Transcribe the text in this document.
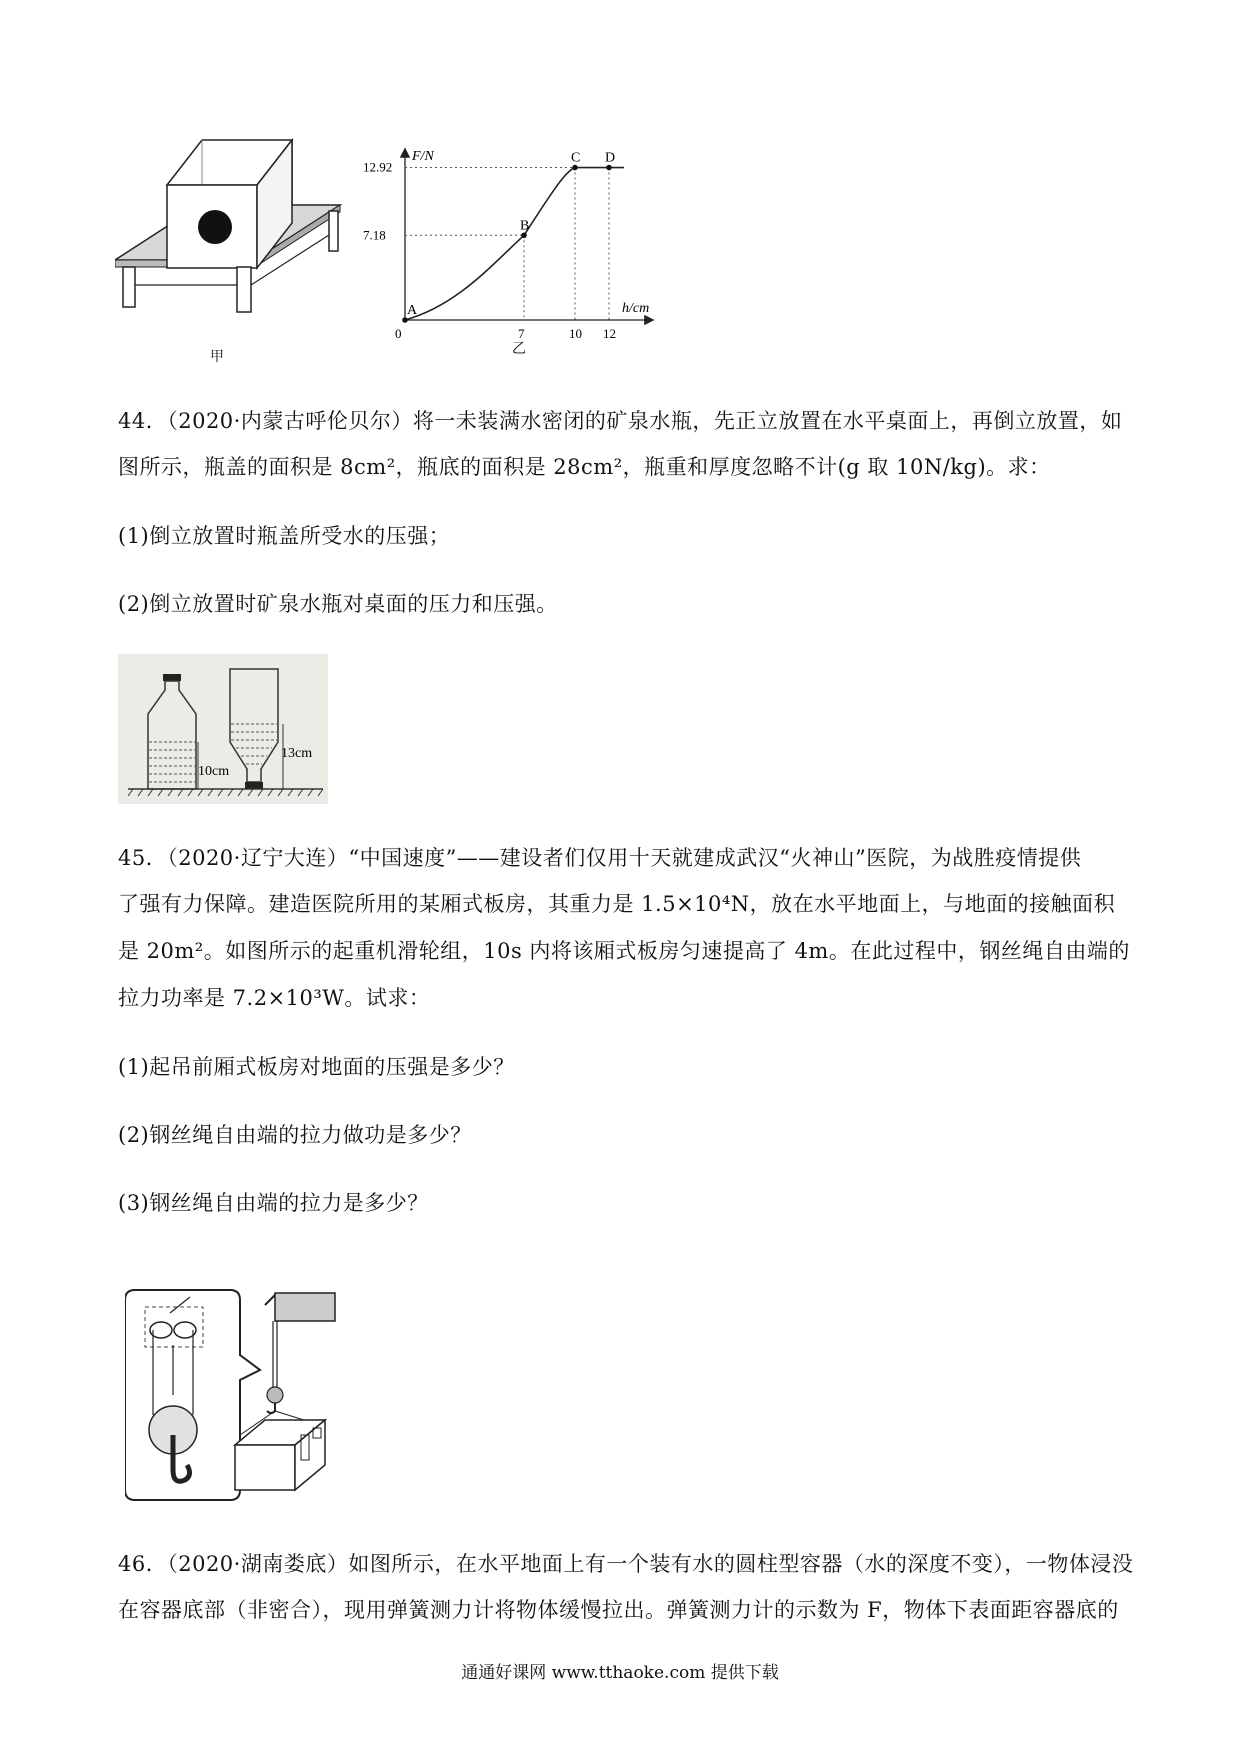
甲
F/N
h/cm
A
B
C D
0	7	10 12
7.18
12.92
乙
44．（2020·内蒙古呼伦贝尔）将一未装满水密闭的矿泉水瓶，先正立放置在水平桌面上，再倒立放置，如
图所示，瓶盖的面积是 8cm²，瓶底的面积是 28cm²，瓶重和厚度忽略不计(g 取 10N/kg)。求：
(1)倒立放置时瓶盖所受水的压强；
(2)倒立放置时矿泉水瓶对桌面的压力和压强。
10cm
13cm
45．（2020·辽宁大连）“中国速度”——建设者们仅用十天就建成武汉“火神山”医院，为战胜疫情提供
了强有力保障。建造医院所用的某厢式板房，其重力是 1.5×10⁴N，放在水平地面上，与地面的接触面积
是 20m²。如图所示的起重机滑轮组，10s 内将该厢式板房匀速提高了 4m。在此过程中，钢丝绳自由端的
拉力功率是 7.2×10³W。试求：
(1)起吊前厢式板房对地面的压强是多少？
(2)钢丝绳自由端的拉力做功是多少？
(3)钢丝绳自由端的拉力是多少？
46．（2020·湖南娄底）如图所示，在水平地面上有一个装有水的圆柱型容器（水的深度不变），一物体浸没
在容器底部（非密合），现用弹簧测力计将物体缓慢拉出。弹簧测力计的示数为 F，物体下表面距容器底的
通通好课网 www.tthaoke.com 提供下载
